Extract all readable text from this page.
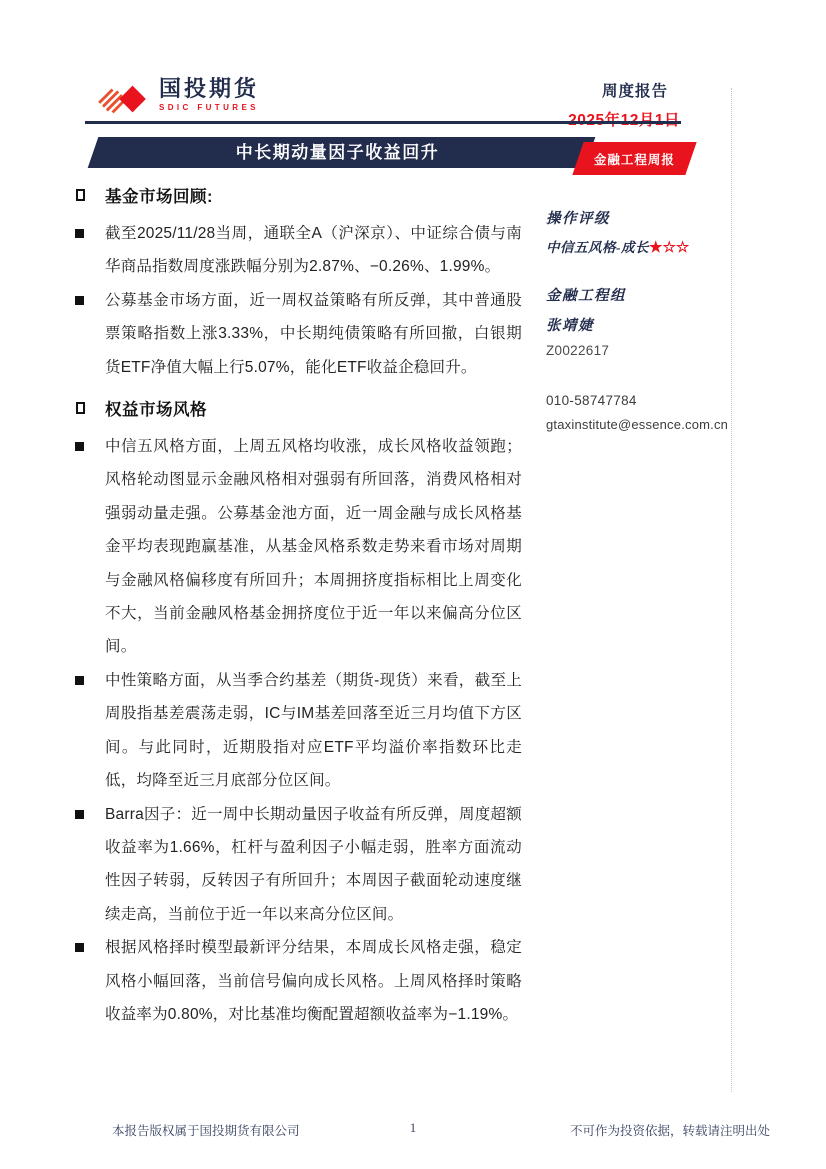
国投期货
SDIC FUTURES
周度报告
中长期动量因子收益回升	金融工程周报
基金市场回顾:

截至2025/11/28当周，通联全A（沪深京）、中证综合债与南华商品指数周度涨跌幅分别为2.87%、−0.26%、1.99%。

公募基金市场方面，近一周权益策略有所反弹，其中普通股票策略指数上涨3.33%，中长期纯债策略有所回撤，白银期货ETF净值大幅上行5.07%，能化ETF收益企稳回升。

权益市场风格

中信五风格方面，上周五风格均收涨，成长风格收益领跑；风格轮动图显示金融风格相对强弱有所回落，消费风格相对强弱动量走强。公募基金池方面，近一周金融与成长风格基金平均表现跑赢基准，从基金风格系数走势来看市场对周期与金融风格偏移度有所回升；本周拥挤度指标相比上周变化不大，当前金融风格基金拥挤度位于近一年以来偏高分位区间。

中性策略方面，从当季合约基差（期货-现货）来看，截至上周股指基差震荡走弱，IC与IM基差回落至近三月均值下方区间。与此同时，近期股指对应ETF平均溢价率指数环比走低，均降至近三月底部分位区间。

Barra因子：近一周中长期动量因子收益有所反弹，周度超额收益率为1.66%，杠杆与盈利因子小幅走弱，胜率方面流动性因子转弱，反转因子有所回升；本周因子截面轮动速度继续走高，当前位于近一年以来高分位区间。

根据风格择时模型最新评分结果，本周成长风格走强，稳定风格小幅回落，当前信号偏向成长风格。上周风格择时策略收益率为0.80%，对比基准均衡配置超额收益率为−1.19%。

操作评级
中信五风格-成长★☆☆
金融工程组
张靖婕
Z0022617
010-58747784
gtaxinstitute@essence.com.cn
本报告版权属于国投期货有限公司	1	不可作为投资依据，转载请注明出处
